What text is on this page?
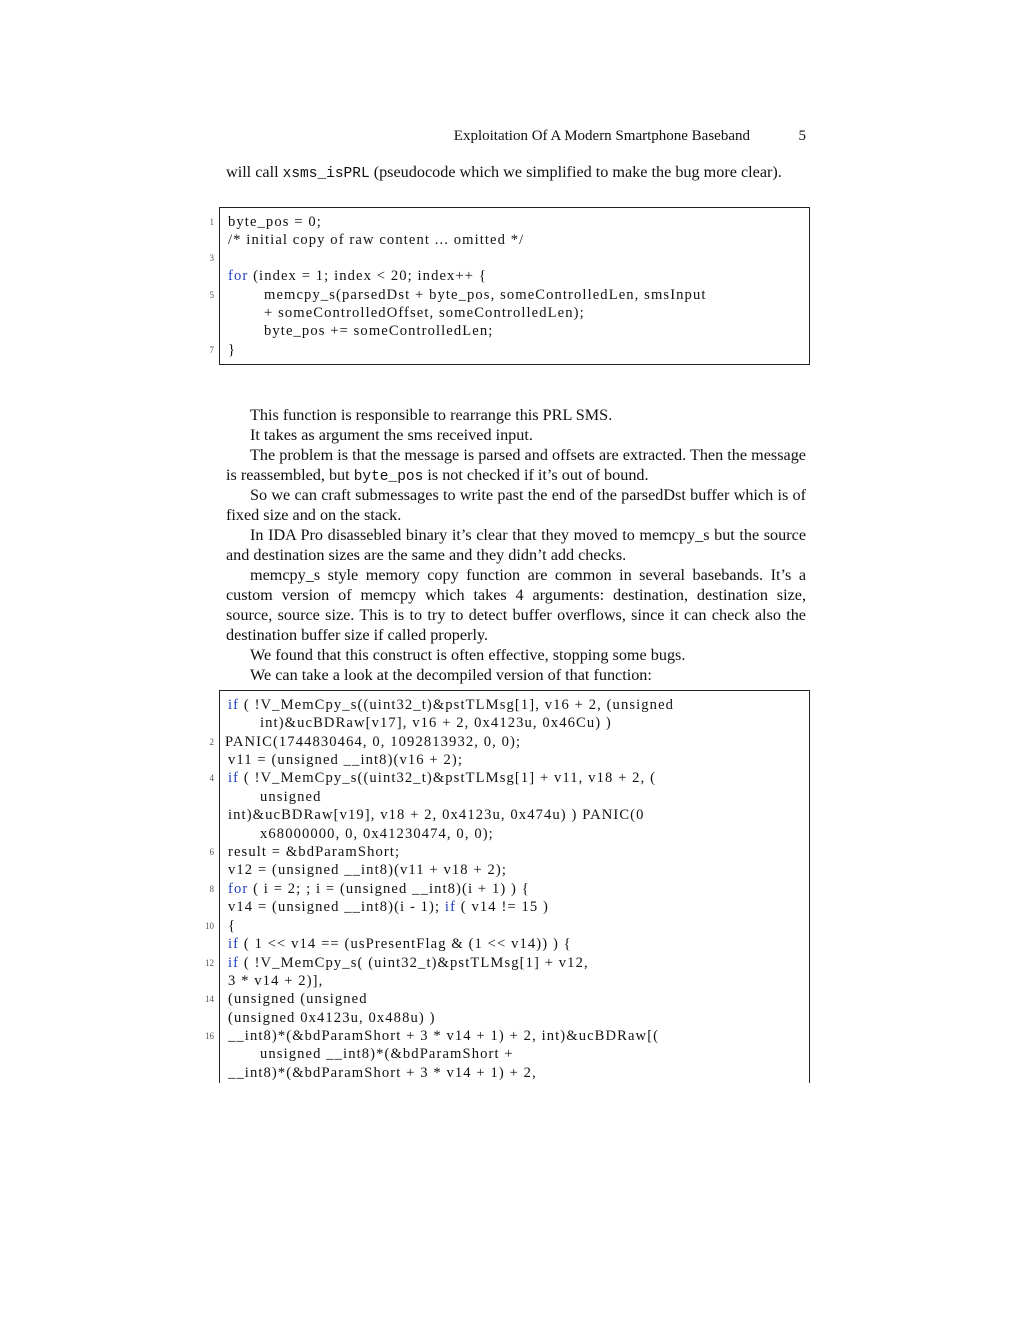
Exploitation Of A Modern Smartphone Baseband	5
will call xsms_isPRL (pseudocode which we simplified to make the bug more clear).
1 byte_pos = 0;
/* initial copy of raw content ... omitted */
3
for (index = 1; index < 20; index++ {
5	memcpy_s(parsedDst + byte_pos, someControlledLen, smsInput
+ someControlledOffset, someControlledLen);
byte_pos += someControlledLen;
7 }
This function is responsible to rearrange this PRL SMS.
It takes as argument the sms received input.
The problem is that the message is parsed and offsets are extracted. Then the message is reassembled, but byte_pos is not checked if it’s out of bound.
So we can craft submessages to write past the end of the parsedDst buffer which is of fixed size and on the stack.
In IDA Pro disassebled binary it’s clear that they moved to memcpy_s but the source and destination sizes are the same and they didn’t add checks.
memcpy_s style memory copy function are common in several basebands. It’s a custom version of memcpy which takes 4 arguments: destination, destination size, source, source size. This is to try to detect buffer overflows, since it can check also the destination buffer size if called properly.
We found that this construct is often effective, stopping some bugs.
We can take a look at the decompiled version of that function:
if ( !V_MemCpy_s((uint32_t)&pstTLMsg[1], v16 + 2, (unsigned
int)&ucBDRaw[v17], v16 + 2, 0x4123u, 0x46Cu) )
2 PANIC(1744830464, 0, 1092813932, 0, 0);
v11 = (unsigned __int8)(v16 + 2);
4 if ( !V_MemCpy_s((uint32_t)&pstTLMsg[1] + v11, v18 + 2, (
unsigned
int)&ucBDRaw[v19], v18 + 2, 0x4123u, 0x474u) ) PANIC(0
x68000000, 0, 0x41230474, 0, 0);
6 result = &bdParamShort;
v12 = (unsigned __int8)(v11 + v18 + 2);
8 for ( i = 2; ; i = (unsigned __int8)(i + 1) ) {
v14 = (unsigned __int8)(i - 1); if ( v14 != 15 )
10 {
if ( 1 << v14 == (usPresentFlag & (1 << v14)) ) {
12 if ( !V_MemCpy_s( (uint32_t)&pstTLMsg[1] + v12,
3 * v14 + 2)],
14 (unsigned (unsigned
(unsigned 0x4123u, 0x488u) )
16 __int8)*(&bdParamShort + 3 * v14 + 1) + 2, int)&ucBDRaw[(
unsigned __int8)*(&bdParamShort +
__int8)*(&bdParamShort + 3 * v14 + 1) + 2,
